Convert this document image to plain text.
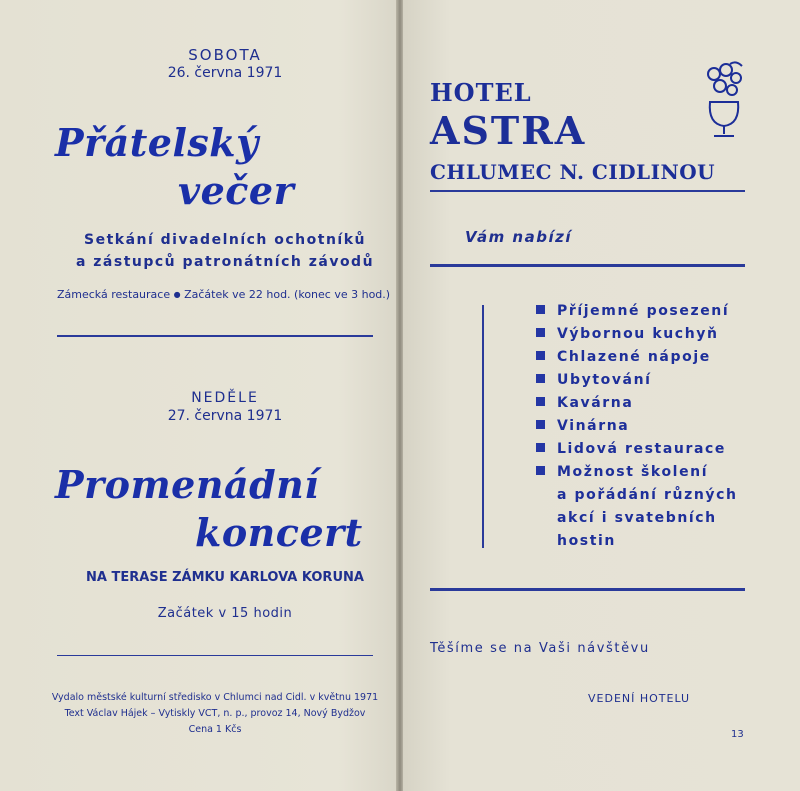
SOBOTA
26. června 1971
Přátelský
večer
Setkání divadelních ochotníků
a zástupců patronátních závodů
Zámecká restaurace ● Začátek ve 22 hod. (konec ve 3 hod.)
NEDĚLE
27. června 1971
Promenádní
koncert
NA TERASE ZÁMKU KARLOVA KORUNA
Začátek v 15 hodin
Vydalo městské kulturní středisko v Chlumci nad Cidl. v květnu 1971
Text Václav Hájek – Vytiskly VCT, n. p., provoz 14, Nový Bydžov
Cena 1 Kčs
HOTEL
ASTRA
CHLUMEC N. CIDLINOU
Vám nabízí
Příjemné posezení
Výbornou kuchyň
Chlazené nápoje
Ubytování
Kavárna
Vinárna
Lidová restaurace
Možnost školení
a pořádání různých
akcí i svatebních
hostin
Těšíme se na Vaši návštěvu
VEDENÍ HOTELU
13
